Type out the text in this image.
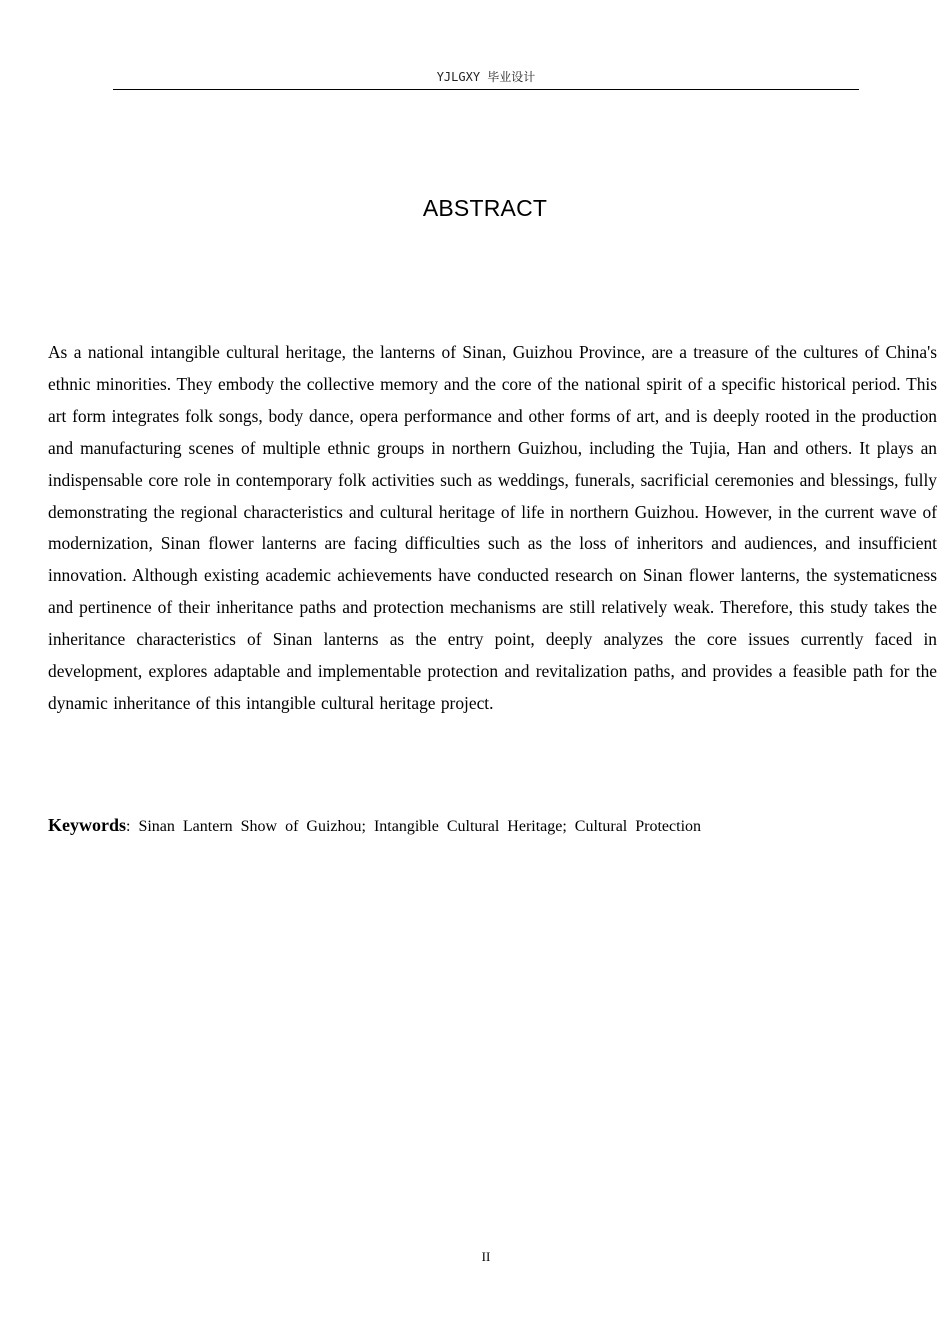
YJLGXY 毕业设计
ABSTRACT

As a national intangible cultural heritage, the lanterns of Sinan, Guizhou Province, are a treasure of the cultures of China's ethnic minorities. They embody the collective memory and the core of the national spirit of a specific historical period. This art form integrates folk songs, body dance, opera performance and other forms of art, and is deeply rooted in the production and manufacturing scenes of multiple ethnic groups in northern Guizhou, including the Tujia, Han and others. It plays an indispensable core role in contemporary folk activities such as weddings, funerals, sacrificial ceremonies and blessings, fully demonstrating the regional characteristics and cultural heritage of life in northern Guizhou. However, in the current wave of modernization, Sinan flower lanterns are facing difficulties such as the loss of inheritors and audiences, and insufficient innovation. Although existing academic achievements have conducted research on Sinan flower lanterns, the systematicness and pertinence of their inheritance paths and protection mechanisms are still relatively weak. Therefore, this study takes the inheritance characteristics of Sinan lanterns as the entry point, deeply analyzes the core issues currently faced in development, explores adaptable and implementable protection and revitalization paths, and provides a feasible path for the dynamic inheritance of this intangible cultural heritage project.

Keywords: Sinan Lantern Show of Guizhou; Intangible Cultural Heritage; Cultural Protection

II
